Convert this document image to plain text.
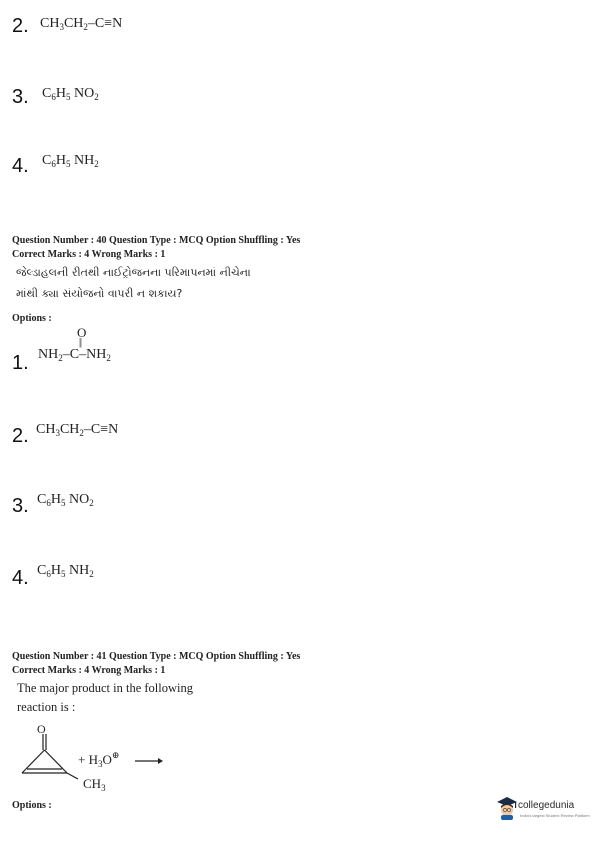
2. $CH_3CH_2-C\equiv N$
3. $C_6H_5$ $NO_2$
4. $C_6H_5$ $NH_2$
Question Number : 40 Question Type : MCQ Option Shuffling : Yes
Correct Marks : 4 Wrong Marks : 1
જેલ્ડાહલની રીતથી નાઈટ્રોજનના પરિમાપનમાં નીચેના
માંથી ક્યા સંયોજનો વાપરી ન શકાય?
Options :
1.
O
||
$NH_2-C-NH_2$
2. $CH_3CH_2-C\equiv N$
3. $C_6H_5$ $NO_2$
4. $C_6H_5$ $NH_2$
Question Number : 41 Question Type : MCQ Option Shuffling : Yes
Correct Marks : 4 Wrong Marks : 1
The major product in the following
reaction is :
O
+ $H_3O^\oplus$
$CH_3$
Options :	collegedunia
India's largest Student Review Platform
